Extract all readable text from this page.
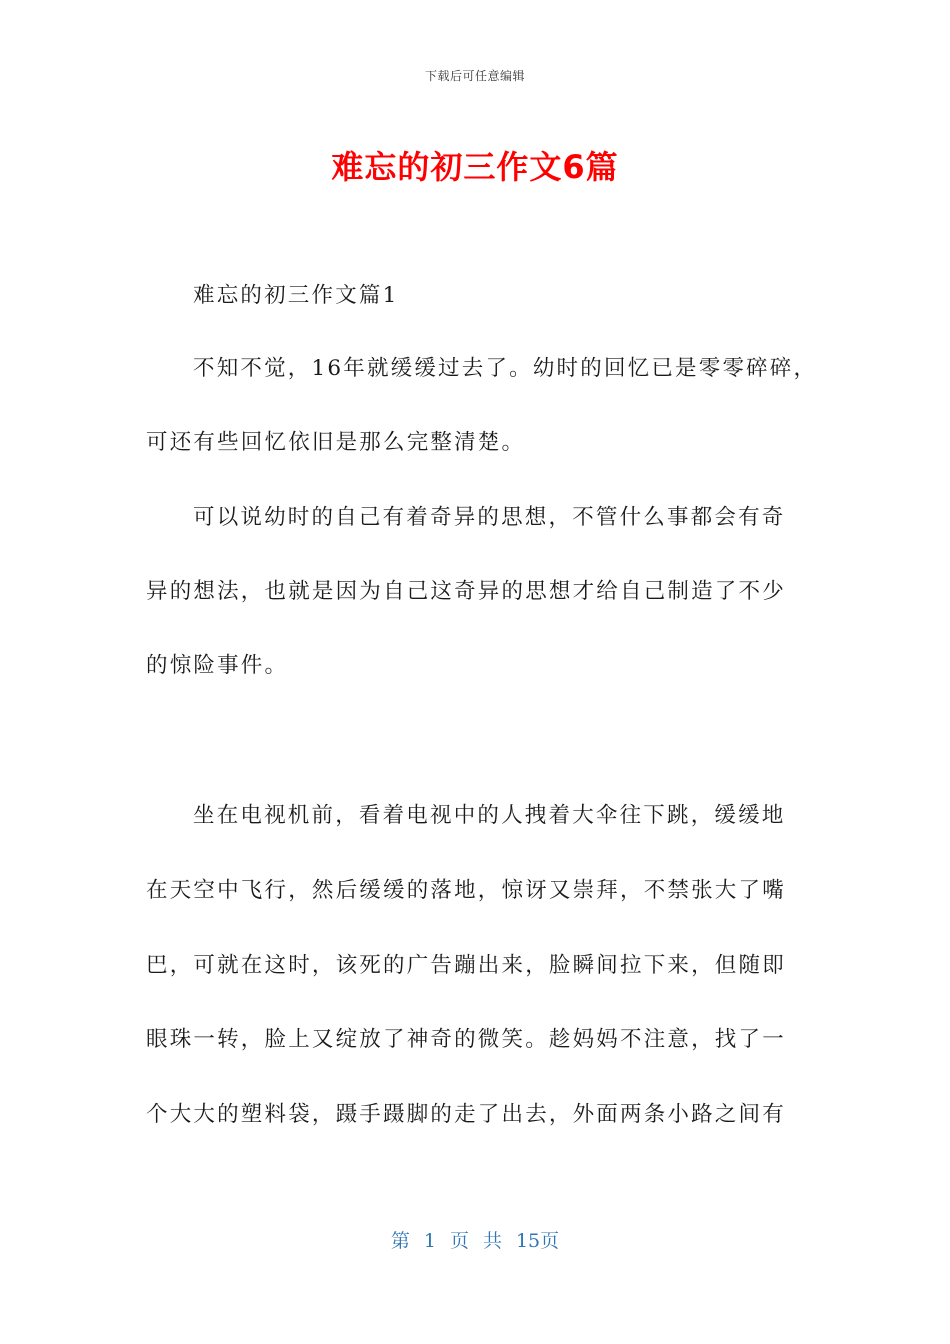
下载后可任意编辑
难忘的初三作文6篇
难忘的初三作文篇1
不知不觉，16年就缓缓过去了。幼时的回忆已是零零碎碎，
可还有些回忆依旧是那么完整清楚。
可以说幼时的自己有着奇异的思想，不管什么事都会有奇
异的想法，也就是因为自己这奇异的思想才给自己制造了不少
的惊险事件。
坐在电视机前，看着电视中的人拽着大伞往下跳，缓缓地
在天空中飞行，然后缓缓的落地，惊讶又崇拜，不禁张大了嘴
巴，可就在这时，该死的广告蹦出来，脸瞬间拉下来，但随即
眼珠一转，脸上又绽放了神奇的微笑。趁妈妈不注意，找了一
个大大的塑料袋，蹑手蹑脚的走了出去，外面两条小路之间有
第 1 页 共 15页
